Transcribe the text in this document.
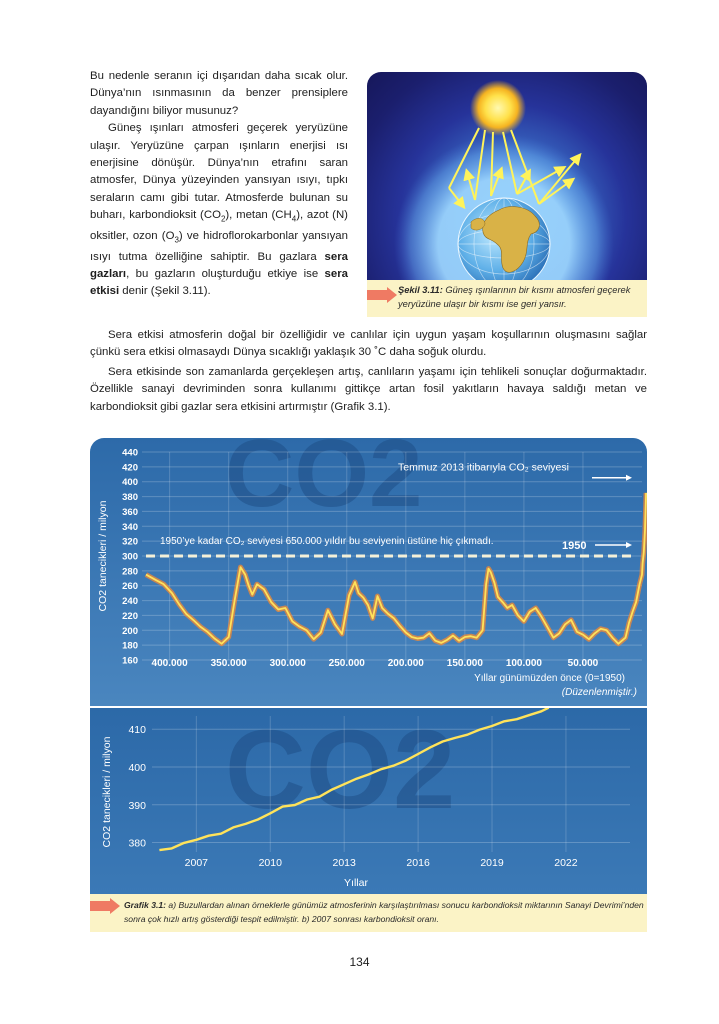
Bu nedenle seranın içi dışarıdan daha sıcak olur. Dünya’nın ısınmasının da benzer prensiplere dayandığını biliyor musunuz?

Güneş ışınları atmosferi geçerek yeryüzüne ulaşır. Yeryüzüne çarpan ışınların enerjisi ısı enerjisine dönüşür. Dünya’nın etrafını saran atmosfer, Dünya yüzeyinden yansıyan ısıyı, tıpkı seraların camı gibi tutar. Atmosferde bulunan su buharı, karbondioksit $(CO_2)$, metan $(CH_4)$, azot (N) oksitler, ozon $(O_3)$ ve hidroflorokarbonlar yansıyan ısıyı tutma özelliğine sahiptir. Bu gazlara sera gazları, bu gazların oluşturduğu etkiye ise sera etkisi denir (Şekil 3.11).	Şekil 3.11: Güneş ışınlarının bir kısmı atmosferi geçerek yeryüzüne ulaşır bir kısmı ise geri yansır.

Sera etkisi atmosferin doğal bir özelliğidir ve canlılar için uygun yaşam koşullarının oluşmasını sağlar çünkü sera etkisi olmasaydı Dünya sıcaklığı yaklaşık 30 ˚C daha soğuk olurdu.

Sera etkisinde son zamanlarda gerçekleşen artış, canlıların yaşamı için tehlikeli sonuçlar doğurmaktadır. Özellikle sanayi devriminden sonra kullanımı gittikçe artan fosil yakıtların havaya saldığı metan ve karbondioksit gibi gazlar sera etkisini artırmıştır (Grafik 3.1).

CO2
160
180
200
220
240
260
280
300
320
340
360
380
400
420
440
400.000 350.000 300.000 250.000 200.000 150.000 100.000	50.000
CO2 tanecikleri / milyon	1950’ye kadar CO₂ seviyesi 650.000 yıldır bu seviyenin üstüne hiç çıkmadı.	1950
Temmuz 2013 itibarıyla CO₂ seviyesi
Yıllar günümüzden önce (0=1950)
(Düzenlenmiştir.)
CO2
380
390
400
410
2007	2010	2013	2016	2019	2022
CO2 tanecikleri / milyon
Yıllar
Grafik 3.1: a) Buzullardan alınan örneklerle günümüz atmosferinin karşılaştırılması sonucu karbondioksit miktarının Sanayi Devrimi’nden sonra çok hızlı artış gösterdiği tespit edilmiştir. b) 2007 sonrası karbondioksit oranı.
134
